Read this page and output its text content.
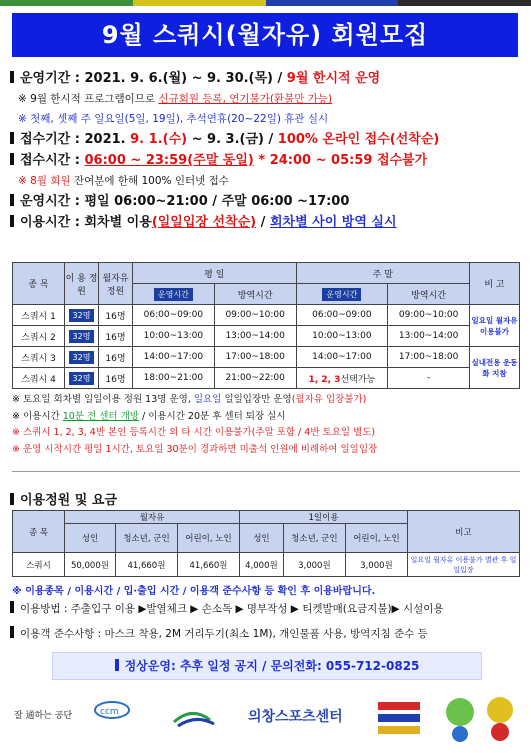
9월 스쿼시(월자유) 회원모집
운영기간 : 2021. 9. 6.(월) ~ 9. 30.(목) / 9월 한시적 운영
※ 9월 한시적 프로그램이므로 신규회원 등록, 연기불가(환불만 가능)
※ 첫째, 셋째 주 일요일(5일, 19일), 추석연휴(20~22일) 휴관 실시
접수기간 : 2021. 9. 1.(수) ~ 9. 3.(금) / 100% 온라인 접수(선착순)
접수시간 : 06:00 ~ 23:59(주말 동일) * 24:00 ~ 05:59 접수불가
※ 8월 회원 잔여분에 한해 100% 인터넷 접수
운영시간 : 평일 06:00~21:00 / 주말 06:00 ~17:00
이용시간 : 회차별 이용(일일입장 선착순) / 회차별 사이 방역 실시
종 목	이 용 정 원	월자유 정원	평 일		주 말		비 고
			운영시간	방역시간	운영시간	방역시간	
스쿼시 1	32명	16명	06:00~09:00	09:00~10:00	06:00~09:00	09:00~10:00	일요일 월자유 이용불가
스쿼시 2	32명	16명	10:00~13:00	13:00~14:00	10:00~13:00	13:00~14:00	
스쿼시 3	32명	16명	14:00~17:00	17:00~18:00	14:00~17:00	17:00~18:00	실내전용 운동화 지참
스쿼시 4	32명	16명	18:00~21:00	21:00~22:00	1, 2, 3선택가능	-	
※ 토요일 회차별 일일이용 정원 13명 운영, 일요일 일일입장만 운영(월자유 입장불가)
※ 이용시간 10분 전 센터 개방 / 이용시간 20분 후 센터 퇴장 실시
※ 스쿼시 1, 2, 3, 4반 본인 등록시간 외 타 시간 이용불가(주말 포함 / 4반 토요일 별도)
※ 운영 시작시간 평일 1시간, 토요일 30분이 경과하면 미출석 인원에 비례하여 일일입장
이용정원 및 요금
종 목	월자유			1일이용			비고
	성인	청소년, 군인	어린이, 노인	성인	청소년, 군인	어린이, 노인	
스쿼시	50,000원	41,660원	41,660원	4,000원	3,000원	3,000원	일요일 월자유 이용불가 별관 후 일일입장
※ 이용종목 / 이용시간 / 입·출입 시간 / 이용객 준수사항 등 확인 후 이용바랍니다.
이용방법 : 주출입구 이용 ▶발열체크 ▶ 손소독 ▶ 명부작성 ▶ 티켓발매(요금지불)▶ 시설이용
이용객 준수사항 : 마스크 착용, 2M 거리두기(최소 1M), 개인물품 사용, 방역지침 준수 등
정상운영: 추후 일정 공지 / 문의전화: 055-712-0825
잘 通하는 공단	ccm	의창스포츠센터
